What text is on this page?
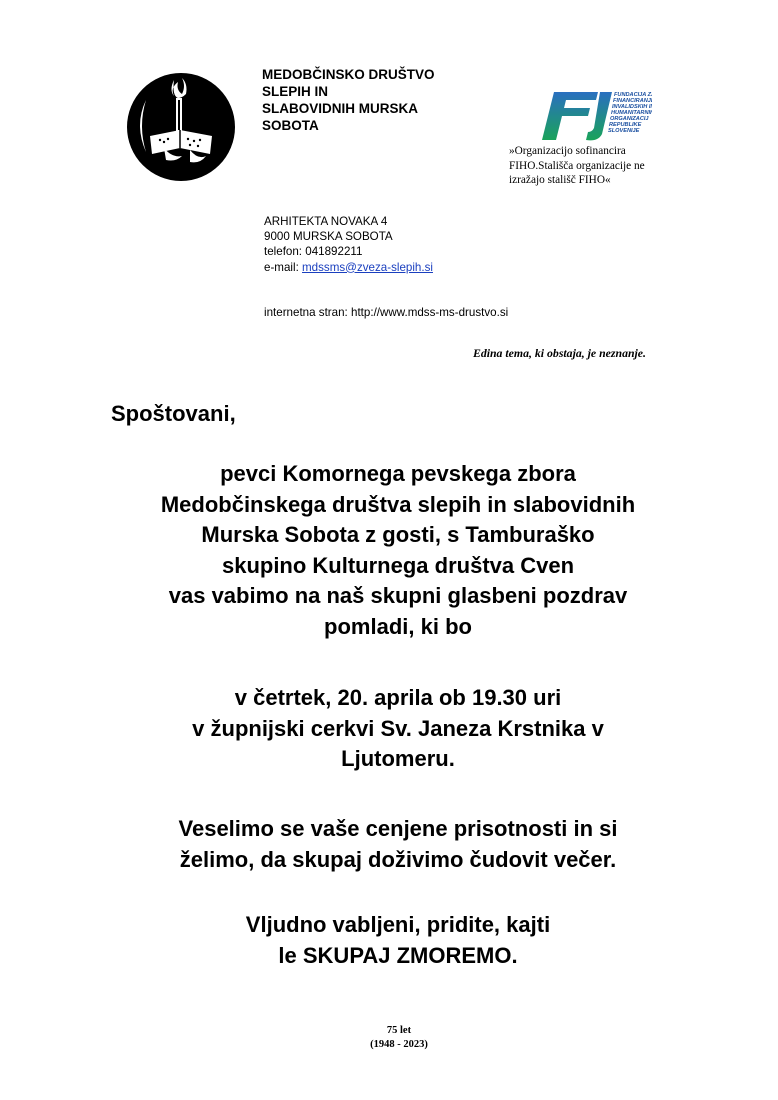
MEDOBČINSKO DRUŠTVO
SLEPIH IN
SLABOVIDNIH MURSKA
SOBOTA
FUNDACIJA ZA
FINANCIRANJE
INVALIDSKIH IN
HUMANITARNIH
ORGANIZACIJ
REPUBLIKE
SLOVENIJE
»Organizacijo sofinancira
FIHO.Stališča organizacije ne
izražajo stališč FIHO«
ARHITEKTA NOVAKA 4
9000 MURSKA SOBOTA
telefon: 041892211
e-mail: mdssms@zveza-slepih.si
internetna stran: http://www.mdss-ms-drustvo.si
Edina tema, ki obstaja, je neznanje.
Spoštovani,
pevci Komornega pevskega zbora
Medobčinskega društva slepih in slabovidnih
Murska Sobota z gosti, s Tamburaško
skupino Kulturnega društva Cven
vas vabimo na naš skupni glasbeni pozdrav
pomladi, ki bo
v četrtek, 20. aprila ob 19.30 uri
v župnijski cerkvi Sv. Janeza Krstnika v
Ljutomeru.
Veselimo se vaše cenjene prisotnosti in si
želimo, da skupaj doživimo čudovit večer.
Vljudno vabljeni, pridite, kajti
le SKUPAJ ZMOREMO.
75 let
(1948 - 2023)
